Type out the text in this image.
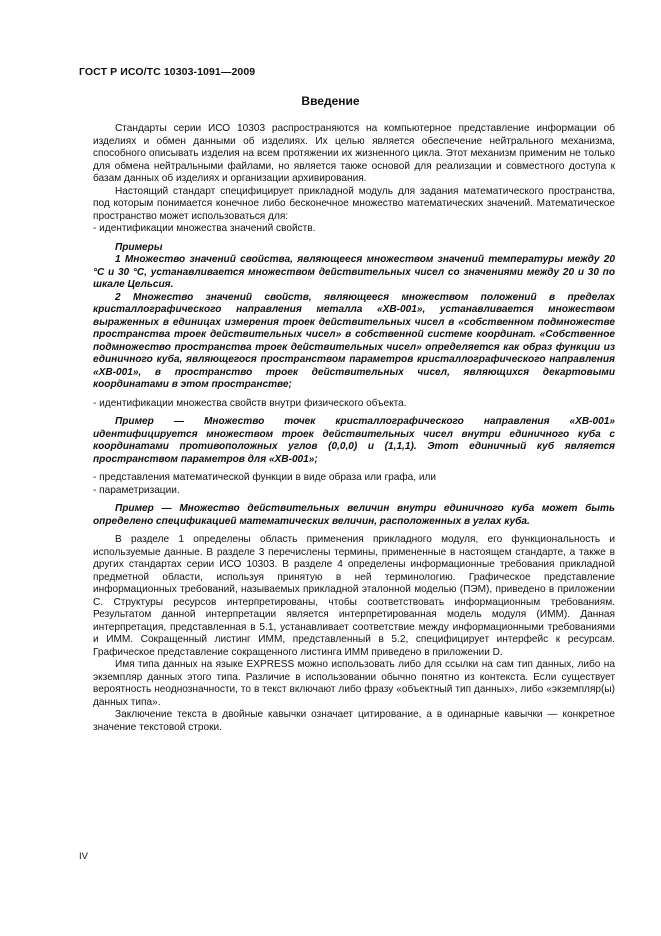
ГОСТ Р ИСО/ТС 10303-1091—2009
Введение

Стандарты серии ИСО 10303 распространяются на компьютерное представление информации об изделиях и обмен данными об изделиях. Их целью является обеспечение нейтрального механизма, способного описывать изделия на всем протяжении их жизненного цикла. Этот механизм применим не только для обмена нейтральными файлами, но является также основой для реализации и совместного доступа к базам данных об изделиях и организации архивирования.

Настоящий стандарт специфицирует прикладной модуль для задания математического пространства, под которым понимается конечное либо бесконечное множество математических значений. Математическое пространство может использоваться для:

- идентификации множества значений свойств.

Примеры

1 Множество значений свойства, являющееся множеством значений температуры между 20 °С и 30 °С, устанавливается множеством действительных чисел со значениями между 20 и 30 по шкале Цельсия.

2 Множество значений свойств, являющееся множеством положений в пределах кристаллографического направления металла «ХВ-001», устанавливается множеством выраженных в единицах измерения троек действительных чисел в «собственном подмножестве пространства троек действительных чисел» в собственной системе координат. «Собственное подмножество пространства троек действительных чисел» определяется как образ функции из единичного куба, являющегося пространством параметров кристаллографического направления «ХВ-001», в пространство троек действительных чисел, являющихся декартовыми координатами в этом пространстве;

- идентификации множества свойств внутри физического объекта.

Пример — Множество точек кристаллографического направления «ХВ-001» идентифицируется множеством троек действительных чисел внутри единичного куба с координатами противоположных углов (0,0,0) и (1,1,1). Этот единичный куб является пространством параметров для «ХВ-001»;

- представления математической функции в виде образа или графа, или

- параметризации.

Пример — Множество действительных величин внутри единичного куба может быть определено спецификацией математических величин, расположенных в углах куба.

В разделе 1 определены область применения прикладного модуля, его функциональность и используемые данные. В разделе 3 перечислены термины, примененные в настоящем стандарте, а также в других стандартах серии ИСО 10303. В разделе 4 определены информационные требования прикладной предметной области, используя принятую в ней терминологию. Графическое представление информационных требований, называемых прикладной эталонной моделью (ПЭМ), приведено в приложении С. Структуры ресурсов интерпретированы, чтобы соответствовать информационным требованиям. Результатом данной интерпретации является интерпретированная модель модуля (ИММ). Данная интерпретация, представленная в 5.1, устанавливает соответствие между информационными требованиями и ИММ. Сокращенный листинг ИММ, представленный в 5.2, специфицирует интерфейс к ресурсам. Графическое представление сокращенного листинга ИММ приведено в приложении D.

Имя типа данных на языке EXPRESS можно использовать либо для ссылки на сам тип данных, либо на экземпляр данных этого типа. Различие в использовании обычно понятно из контекста. Если существует вероятность неоднозначности, то в текст включают либо фразу «объектный тип данных», либо «экземпляр(ы) данных типа».

Заключение текста в двойные кавычки означает цитирование, а в одинарные кавычки — конкретное значение текстовой строки.

IV
